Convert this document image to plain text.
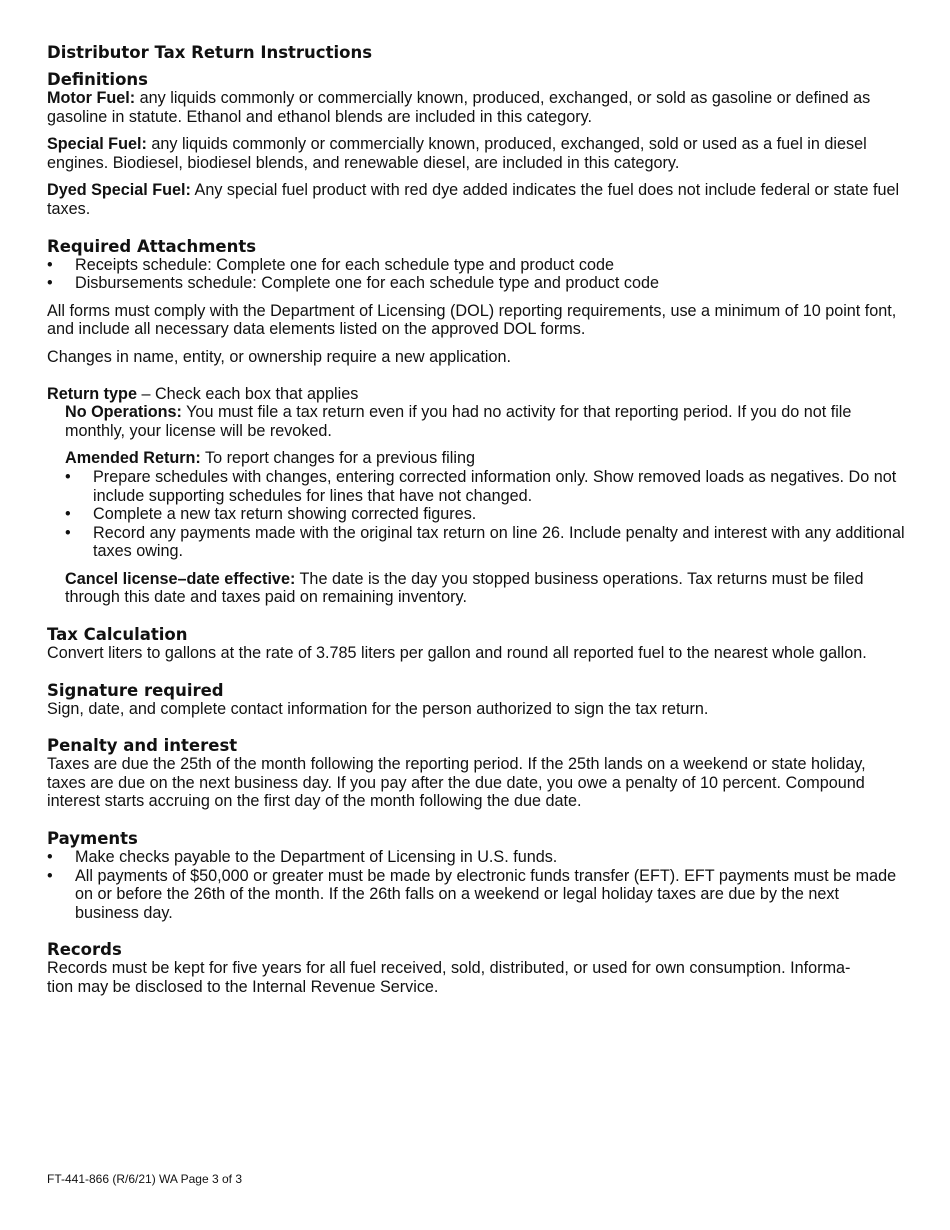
Distributor Tax Return Instructions
Definitions

Motor Fuel: any liquids commonly or commercially known, produced, exchanged, or sold as gasoline or defined as gasoline in statute. Ethanol and ethanol blends are included in this category.

Special Fuel: any liquids commonly or commercially known, produced, exchanged, sold or used as a fuel in diesel engines. Biodiesel, biodiesel blends, and renewable diesel, are included in this category.

Dyed Special Fuel: Any special fuel product with red dye added indicates the fuel does not include federal or state fuel taxes.

Required Attachments
• Receipts schedule: Complete one for each schedule type and product code
• Disbursements schedule: Complete one for each schedule type and product code

All forms must comply with the Department of Licensing (DOL) reporting requirements, use a minimum of 10 point font, and include all necessary data elements listed on the approved DOL forms.

Changes in name, entity, or ownership require a new application.

Return type – Check each box that applies

No Operations: You must file a tax return even if you had no activity for that reporting period. If you do not file monthly, your license will be revoked.

Amended Return: To report changes for a previous filing

• Prepare schedules with changes, entering corrected information only. Show removed loads as negatives. Do not include supporting schedules for lines that have not changed.
• Complete a new tax return showing corrected figures.
• Record any payments made with the original tax return on line 26. Include penalty and interest with any additional taxes owing.

Cancel license–date effective: The date is the day you stopped business operations. Tax returns must be filed through this date and taxes paid on remaining inventory.

Tax Calculation

Convert liters to gallons at the rate of 3.785 liters per gallon and round all reported fuel to the nearest whole gallon.

Signature required

Sign, date, and complete contact information for the person authorized to sign the tax return.

Penalty and interest

Taxes are due the 25th of the month following the reporting period. If the 25th lands on a weekend or state holiday, taxes are due on the next business day. If you pay after the due date, you owe a penalty of 10 percent. Compound interest starts accruing on the first day of the month following the due date.

Payments
• Make checks payable to the Department of Licensing in U.S. funds.
• All payments of $50,000 or greater must be made by electronic funds transfer (EFT). EFT payments must be made on or before the 26th of the month. If the 26th falls on a weekend or legal holiday taxes are due by the next business day.
Records

Records must be kept for five years for all fuel received, sold, distributed, or used for own consumption. Informa-
tion may be disclosed to the Internal Revenue Service.

FT-441-866 (R/6/21) WA Page 3 of 3
